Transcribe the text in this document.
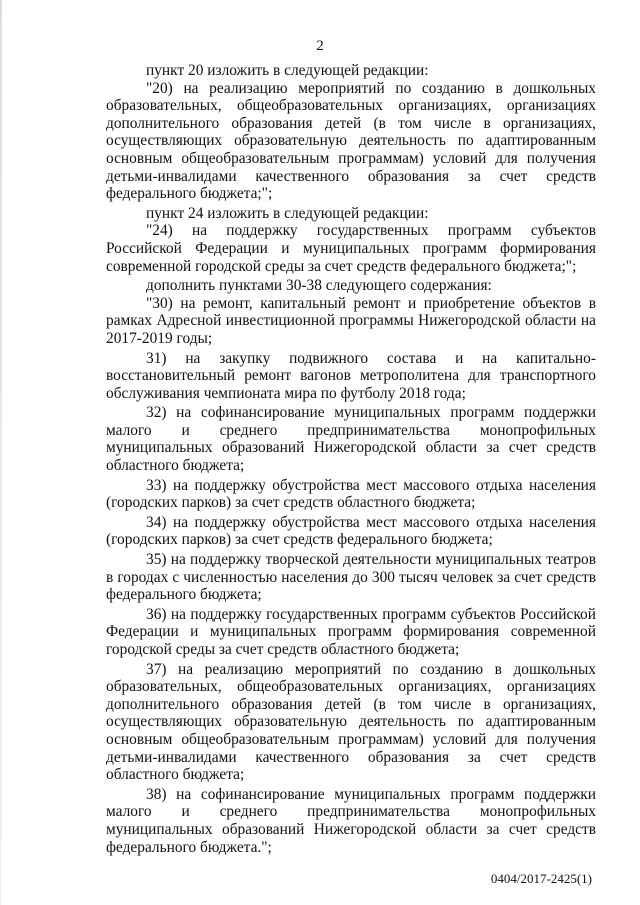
2

пункт 20 изложить в следующей редакции:

"20) на реализацию мероприятий по созданию в дошкольных образовательных, общеобразовательных организациях, организациях дополнительного образования детей (в том числе в организациях, осуществляющих образовательную деятельность по адаптированным основным общеобразовательным программам) условий для получения детьми-инвалидами качественного образования за счет средств федерального бюджета;";

пункт 24 изложить в следующей редакции:

"24) на поддержку государственных программ субъектов Российской Федерации и муниципальных программ формирования современной городской среды за счет средств федерального бюджета;";

дополнить пунктами 30-38 следующего содержания:

"30) на ремонт, капитальный ремонт и приобретение объектов в рамках Адресной инвестиционной программы Нижегородской области на 2017-2019 годы;

31) на закупку подвижного состава и на капитально-восстановительный ремонт вагонов метрополитена для транспортного обслуживания чемпионата мира по футболу 2018 года;

32) на софинансирование муниципальных программ поддержки малого и среднего предпринимательства монопрофильных муниципальных образований Нижегородской области за счет средств областного бюджета;

33) на поддержку обустройства мест массового отдыха населения (городских парков) за счет средств областного бюджета;

34) на поддержку обустройства мест массового отдыха населения (городских парков) за счет средств федерального бюджета;

35) на поддержку творческой деятельности муниципальных театров в городах с численностью населения до 300 тысяч человек за счет средств федерального бюджета;

36) на поддержку государственных программ субъектов Российской Федерации и муниципальных программ формирования современной городской среды за счет средств областного бюджета;

37) на реализацию мероприятий по созданию в дошкольных образовательных, общеобразовательных организациях, организациях дополнительного образования детей (в том числе в организациях, осуществляющих образовательную деятельность по адаптированным основным общеобразовательным программам) условий для получения детьми-инвалидами качественного образования за счет средств областного бюджета;

38) на софинансирование муниципальных программ поддержки малого и среднего предпринимательства монопрофильных муниципальных образований Нижегородской области за счет средств федерального бюджета.";

0404/2017-2425(1)
